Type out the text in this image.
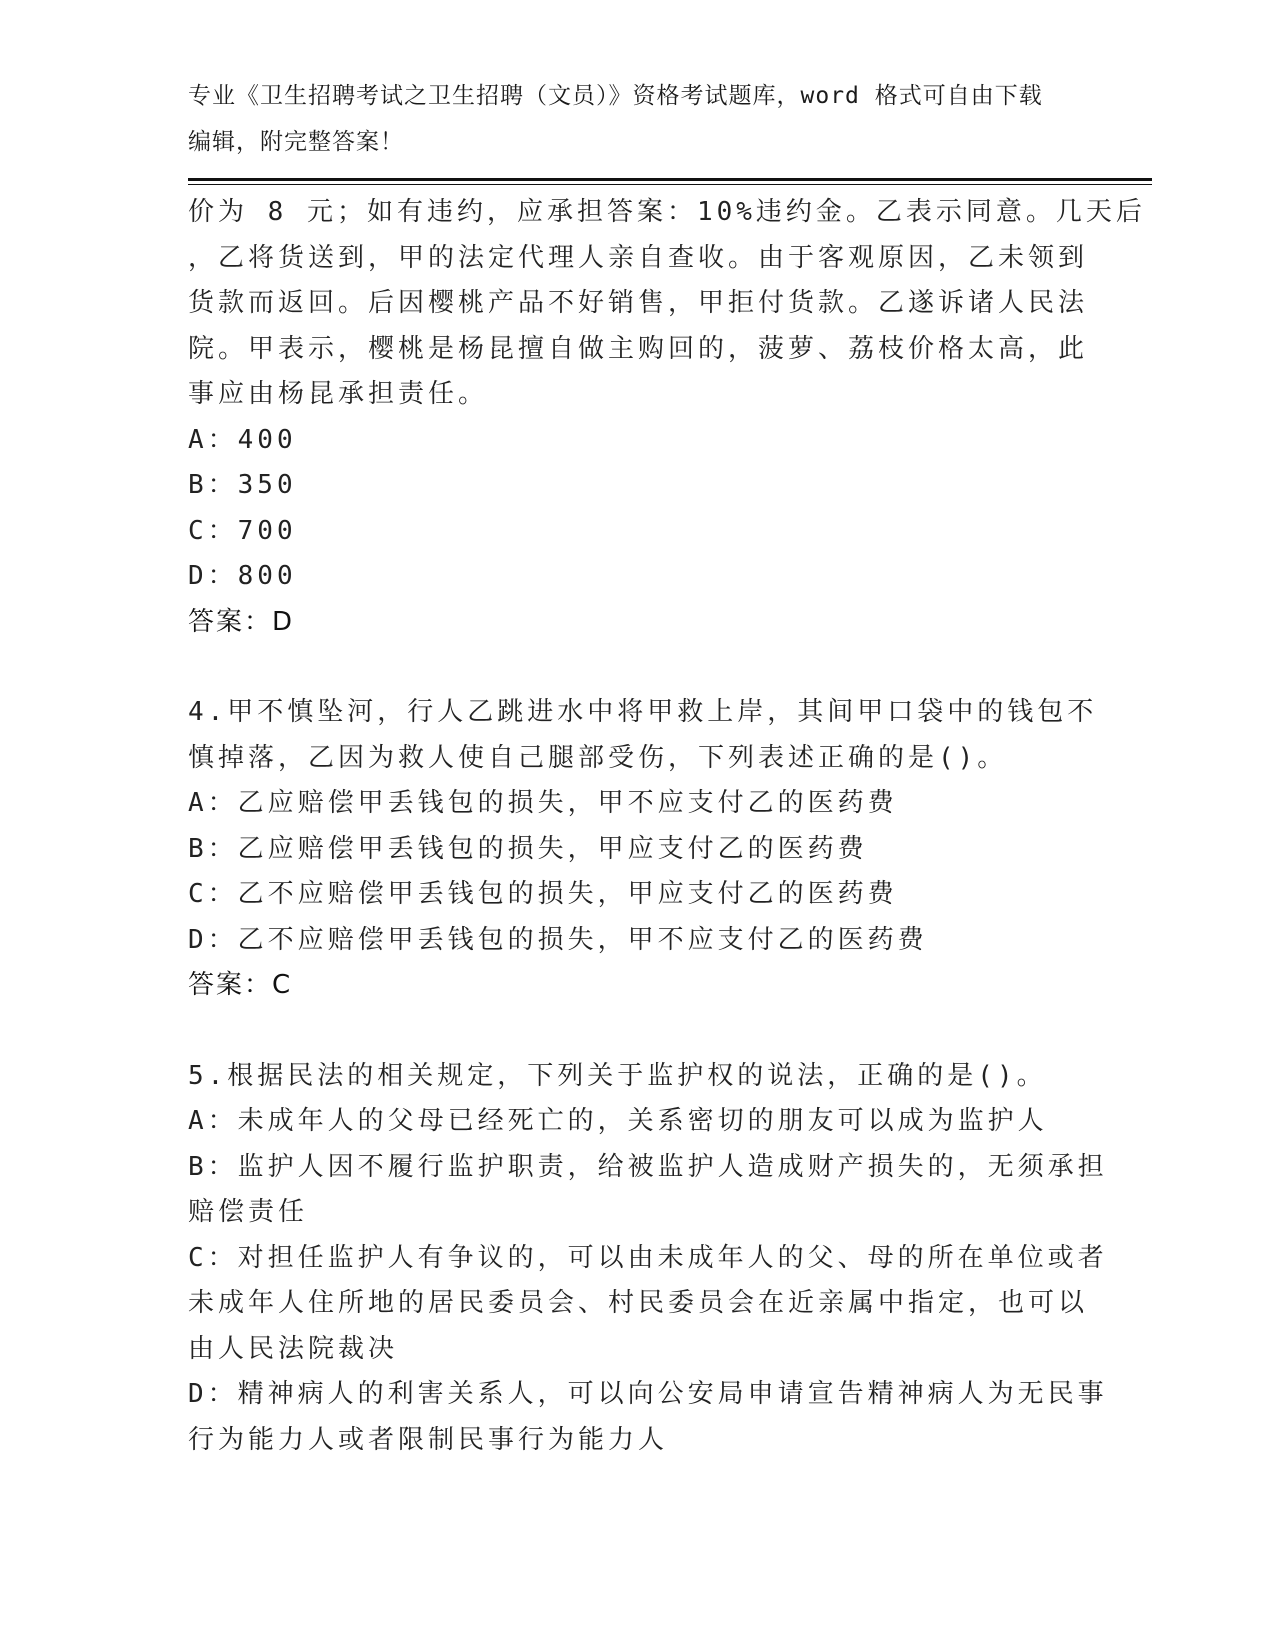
专业《卫生招聘考试之卫生招聘（文员）》资格考试题库，word 格式可自由下载
编辑，附完整答案！
价为 8 元；如有违约，应承担答案：10%违约金。乙表示同意。几天后
，乙将货送到，甲的法定代理人亲自查收。由于客观原因，乙未领到
货款而返回。后因樱桃产品不好销售，甲拒付货款。乙遂诉诸人民法
院。甲表示，樱桃是杨昆擅自做主购回的，菠萝、荔枝价格太高，此
事应由杨昆承担责任。
A：400
B：350
C：700
D：800
答案：D
4.甲不慎坠河，行人乙跳进水中将甲救上岸，其间甲口袋中的钱包不
慎掉落，乙因为救人使自己腿部受伤，下列表述正确的是()。
A：乙应赔偿甲丢钱包的损失，甲不应支付乙的医药费
B：乙应赔偿甲丢钱包的损失，甲应支付乙的医药费
C：乙不应赔偿甲丢钱包的损失，甲应支付乙的医药费
D：乙不应赔偿甲丢钱包的损失，甲不应支付乙的医药费
答案：C
5.根据民法的相关规定，下列关于监护权的说法，正确的是()。
A：未成年人的父母已经死亡的，关系密切的朋友可以成为监护人
B：监护人因不履行监护职责，给被监护人造成财产损失的，无须承担
赔偿责任
C：对担任监护人有争议的，可以由未成年人的父、母的所在单位或者
未成年人住所地的居民委员会、村民委员会在近亲属中指定，也可以
由人民法院裁决
D：精神病人的利害关系人，可以向公安局申请宣告精神病人为无民事
行为能力人或者限制民事行为能力人
